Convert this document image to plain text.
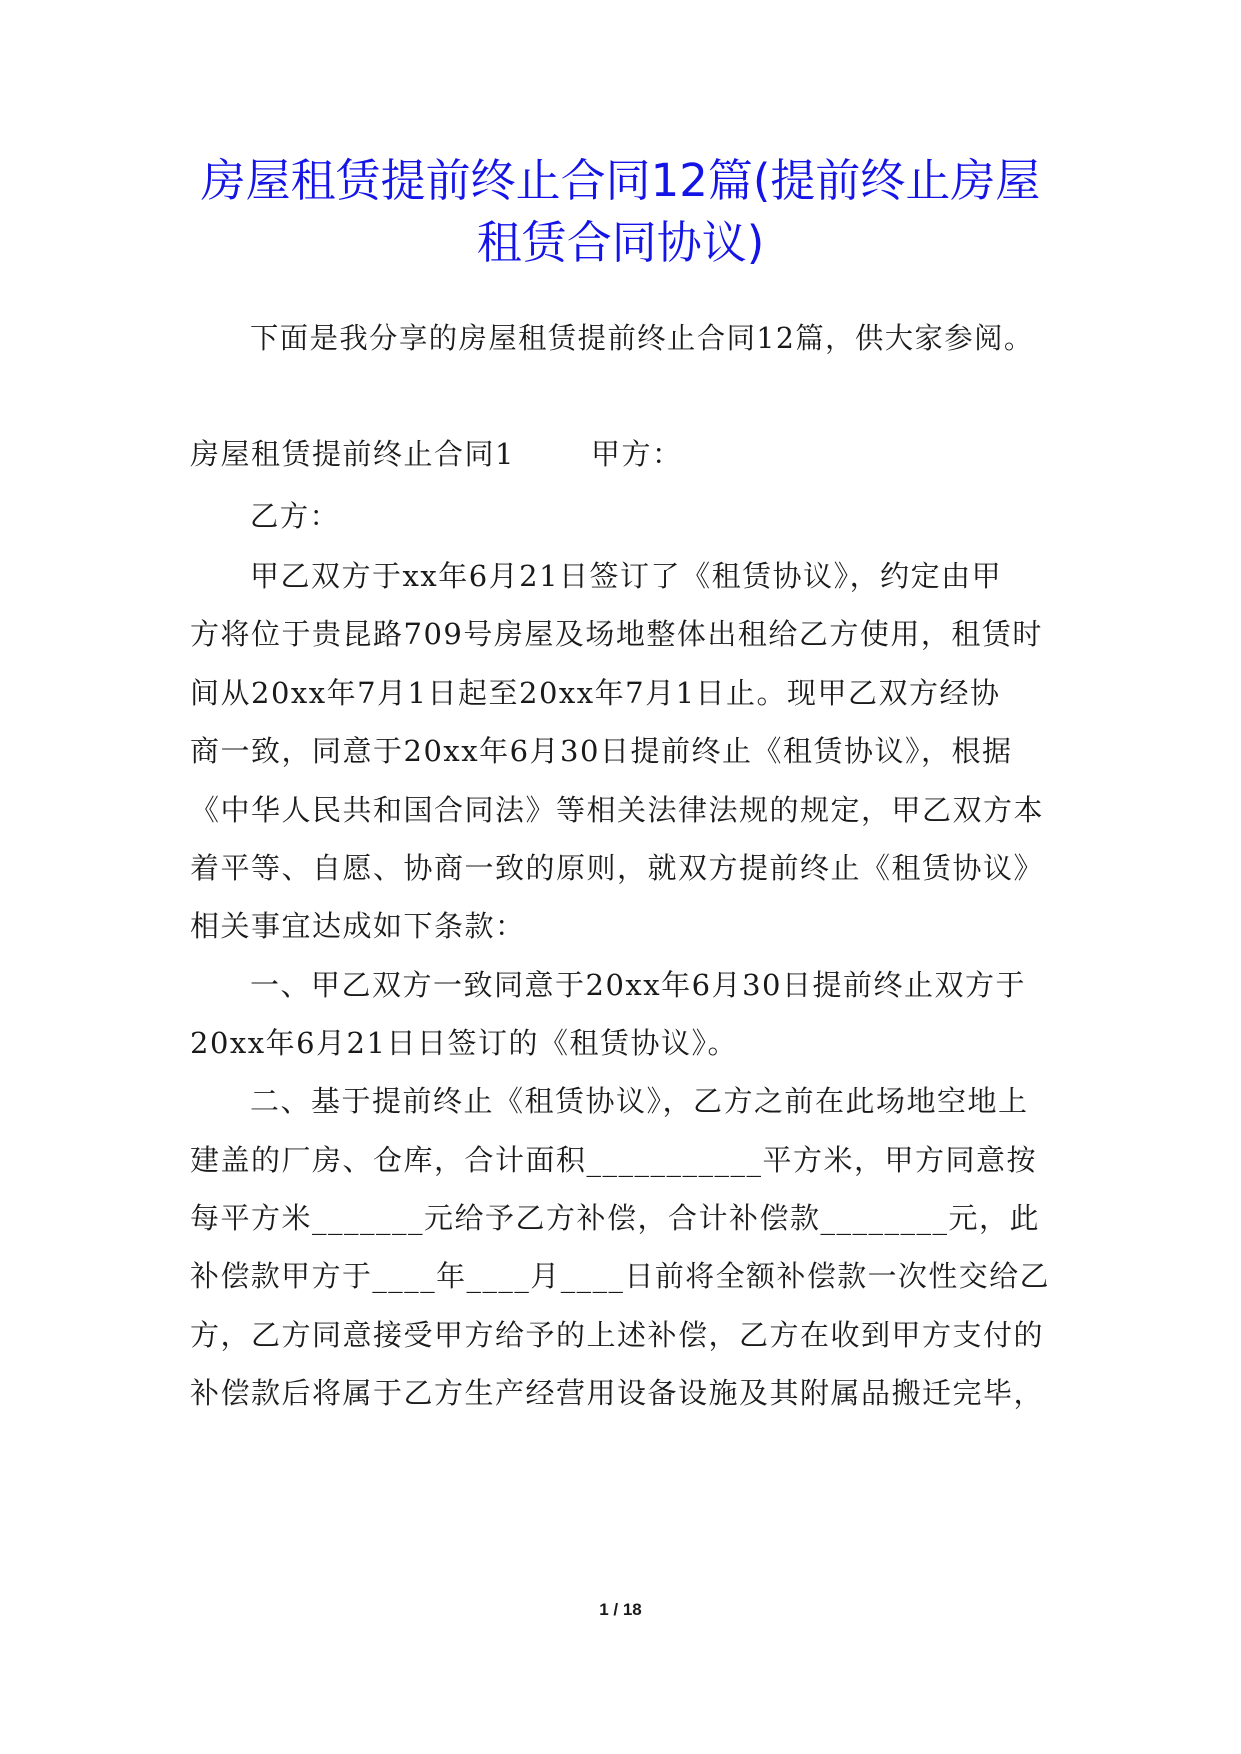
房屋租赁提前终止合同12篇(提前终止房屋
租赁合同协议)
下面是我分享的房屋租赁提前终止合同12篇，供大家参阅。
房屋租赁提前终止合同1	甲方：
乙方：
甲乙双方于xx年6月21日签订了《租赁协议》，约定由甲
方将位于贵昆路709号房屋及场地整体出租给乙方使用，租赁时
间从20xx年7月1日起至20xx年7月1日止。现甲乙双方经协
商一致，同意于20xx年6月30日提前终止《租赁协议》，根据
《中华人民共和国合同法》等相关法律法规的规定，甲乙双方本
着平等、自愿、协商一致的原则，就双方提前终止《租赁协议》
相关事宜达成如下条款：
一、甲乙双方一致同意于20xx年6月30日提前终止双方于
20xx年6月21日日签订的《租赁协议》。
二、基于提前终止《租赁协议》，乙方之前在此场地空地上
建盖的厂房、仓库，合计面积___________平方米，甲方同意按
每平方米_______元给予乙方补偿，合计补偿款________元，此
补偿款甲方于____年____月____日前将全额补偿款一次性交给乙
方，乙方同意接受甲方给予的上述补偿，乙方在收到甲方支付的
补偿款后将属于乙方生产经营用设备设施及其附属品搬迁完毕，
1 / 18
